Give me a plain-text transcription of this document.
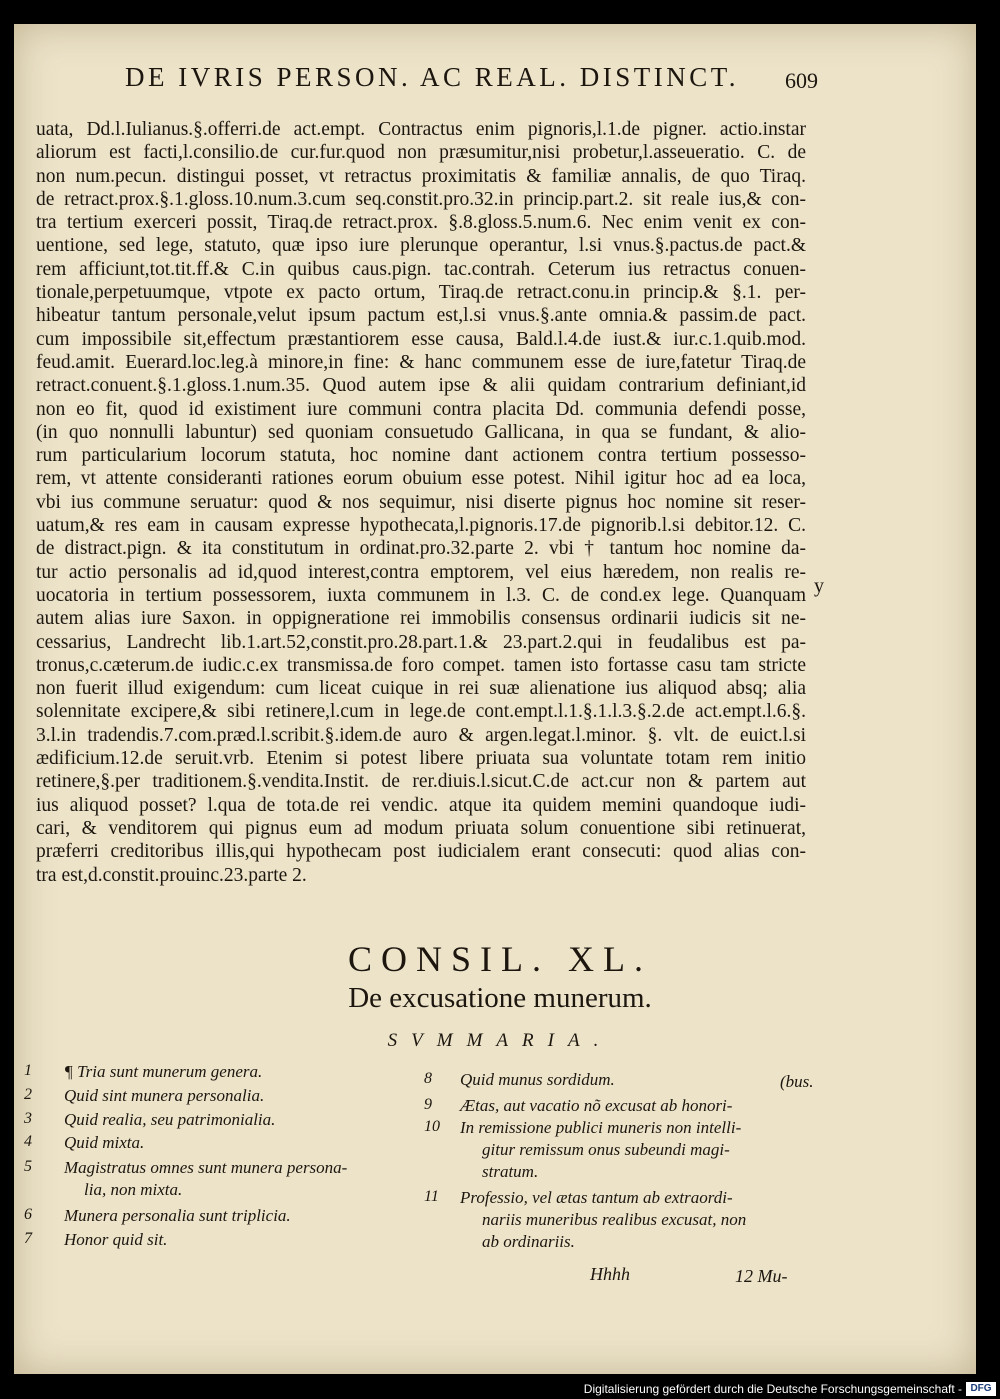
DE IVRIS PERSON. AC REAL. DISTINCT.	609
uata, Dd.l.Iulianus.§.offerri.de act.empt. Contractus enim pignoris,l.1.de pigner. actio.instar
aliorum est facti,l.consilio.de cur.fur.quod non præsumitur,nisi probetur,l.asseueratio. C. de
non num.pecun. distingui posset, vt retractus proximitatis & familiæ annalis, de quo Tiraq.
de retract.prox.§.1.gloss.10.num.3.cum seq.constit.pro.32.in princip.part.2. sit reale ius,& con-
tra tertium exerceri possit, Tiraq.de retract.prox. §.8.gloss.5.num.6. Nec enim venit ex con-
uentione, sed lege, statuto, quæ ipso iure plerunque operantur, l.si vnus.§.pactus.de pact.&
rem afficiunt,tot.tit.ff.& C.in quibus caus.pign. tac.contrah. Ceterum ius retractus conuen-
tionale,perpetuumque, vtpote ex pacto ortum, Tiraq.de retract.conu.in princip.& §.1. per-
hibeatur tantum personale,velut ipsum pactum est,l.si vnus.§.ante omnia.& passim.de pact.
cum impossibile sit,effectum præstantiorem esse causa, Bald.l.4.de iust.& iur.c.1.quib.mod.
feud.amit. Euerard.loc.leg.à minore,in fine: & hanc communem esse de iure,fatetur Tiraq.de
retract.conuent.§.1.gloss.1.num.35. Quod autem ipse & alii quidam contrarium definiant,id
non eo fit, quod id existiment iure communi contra placita Dd. communia defendi posse,
(in quo nonnulli labuntur) sed quoniam consuetudo Gallicana, in qua se fundant, & alio-
rum particularium locorum statuta, hoc nomine dant actionem contra tertium possesso-
rem, vt attente consideranti rationes eorum obuium esse potest. Nihil igitur hoc ad ea loca,
vbi ius commune seruatur: quod & nos sequimur, nisi diserte pignus hoc nomine sit reser-
uatum,& res eam in causam expresse hypothecata,l.pignoris.17.de pignorib.l.si debitor.12. C.
de distract.pign. & ita constitutum in ordinat.pro.32.parte 2. vbi † tantum hoc nomine da-
tur actio personalis ad id,quod interest,contra emptorem, vel eius hæredem, non realis re-
uocatoria in tertium possessorem, iuxta communem in l.3. C. de cond.ex lege. Quanquam
autem alias iure Saxon. in oppigneratione rei immobilis consensus ordinarii iudicis sit ne-
cessarius, Landrecht lib.1.art.52,constit.pro.28.part.1.& 23.part.2.qui in feudalibus est pa-
tronus,c.cæterum.de iudic.c.ex transmissa.de foro compet. tamen isto fortasse casu tam stricte
non fuerit illud exigendum: cum liceat cuique in rei suæ alienatione ius aliquod absq; alia
solennitate excipere,& sibi retinere,l.cum in lege.de cont.empt.l.1.§.1.l.3.§.2.de act.empt.l.6.§.
3.l.in tradendis.7.com.præd.l.scribit.§.idem.de auro & argen.legat.l.minor. §. vlt. de euict.l.si
ædificium.12.de seruit.vrb. Etenim si potest libere priuata sua voluntate totam rem initio
retinere,§.per traditionem.§.vendita.Instit. de rer.diuis.l.sicut.C.de act.cur non & partem aut
ius aliquod posset? l.qua de tota.de rei vendic. atque ita quidem memini quandoque iudi-
cari, & venditorem qui pignus eum ad modum priuata solum conuentione sibi retinuerat,
præferri creditoribus illis,qui hypothecam post iudicialem erant consecuti: quod alias con-
tra est,d.constit.prouinc.23.parte 2.
y
CONSIL. XL.
De excusatione munerum.
SVMMARIA.
1 ¶ Tria sunt munerum genera.
2 Quid sint munera personalia.
3 Quid realia, seu patrimonialia.
4 Quid mixta.
5 Magistratus omnes sunt munera persona-
lia, non mixta.
6 Munera personalia sunt triplicia.
7 Honor quid sit.
8 Quid munus sordidum.	(bus.
9 Ætas, aut vacatio nõ excusat ab honori-
10 In remissione publici muneris non intelli-
gitur remissum onus subeundi magi-
stratum.
11 Professio, vel ætas tantum ab extraordi-
nariis muneribus realibus excusat, non
ab ordinariis.
Hhhh	12 Mu-
Digitalisierung gefördert durch die Deutsche Forschungsgemeinschaft - DFG
